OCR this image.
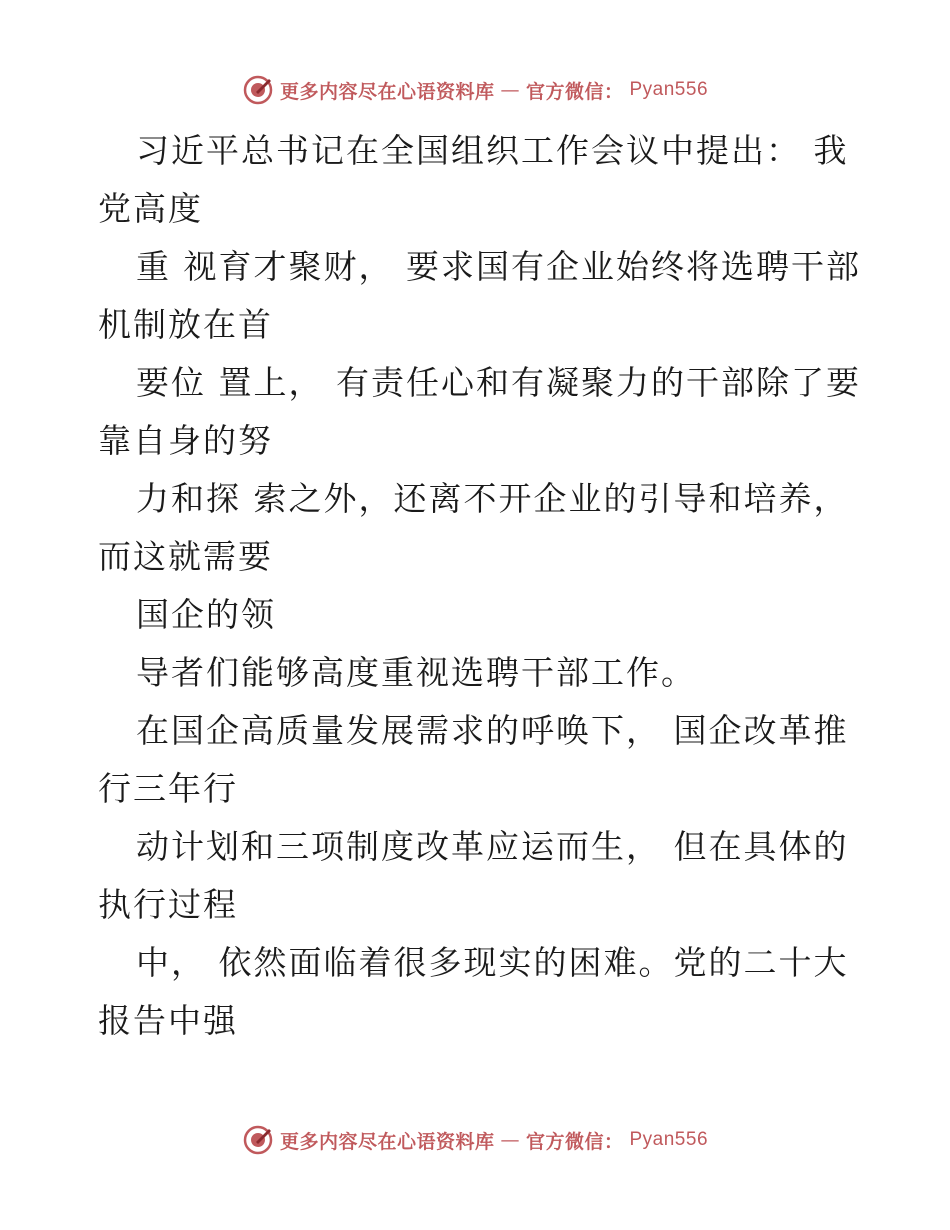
更多内容尽在心语资料库 — 官方微信： Pyan556
习近平总书记在全国组织工作会议中提出： 我
党高度
重 视育才聚财， 要求国有企业始终将选聘干部
机制放在首
要位 置上， 有责任心和有凝聚力的干部除了要
靠自身的努
力和探 索之外，还离不开企业的引导和培养，
而这就需要
国企的领
导者们能够高度重视选聘干部工作。
在国企高质量发展需求的呼唤下， 国企改革推
行三年行
动计划和三项制度改革应运而生， 但在具体的
执行过程
中， 依然面临着很多现实的困难。党的二十大
报告中强
更多内容尽在心语资料库 — 官方微信： Pyan556
